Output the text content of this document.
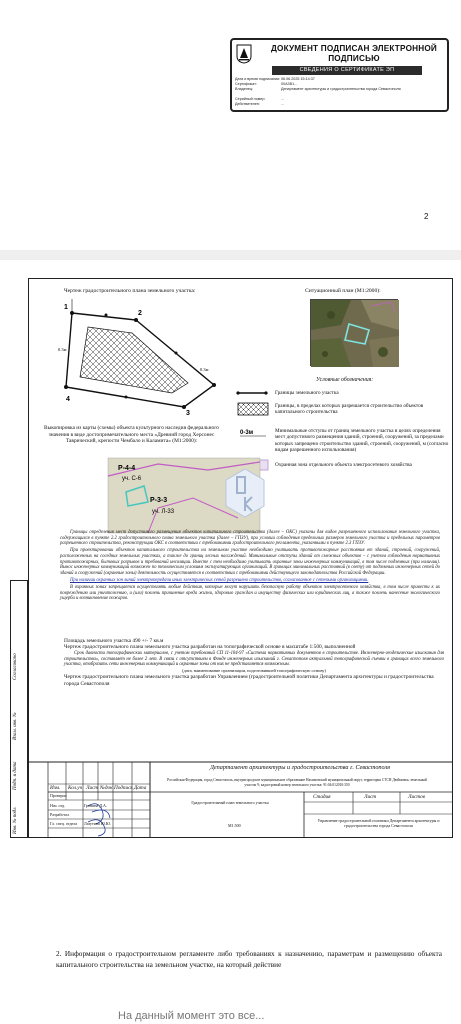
ДОКУМЕНТ ПОДПИСАН ЭЛЕКТРОННОЙ ПОДПИСЬЮ
СВЕДЕНИЯ О СЕРТИФИКАТЕ ЭП
Дата и время подписания:06.06.2025 15:14:37
Сертификат:	00A3B1...
Владелец:	Департамент архитектуры и градостроительства города Севастополя
Серийный номер:	...
Действителен:	...
2
Чертеж градостроительного плана земельного участка:	Ситуационный план (М1:2000):
1
2
3
4
0.3м
0.3м
Условные обозначения:
Границы земельного участка
Границы, в пределах которых разрешается строительство объектов капитального строительства
0-3м	Минимальные отступы от границ земельного участка в целях определения мест допустимого размещения зданий, строений, сооружений, за пределами которых запрещено строительство зданий, строений, сооружений, м (согласно видам разрешенного использования)
Охранная зона отдельного объекта электросетевого хозяйства
Выкопировка из карты (схемы) объекта культурного наследия федерального значения в виде достопримечательного места «Древний город Херсонес Таврический, крепости Чембало и Каламита» (М1:2000):
Р-4-4
уч. С-6
Р-3-3
уч. Л-33

Границы определения мест допустимого размещения объектов капитального строительства (далее – ОКС) указаны для видов разрешенного использования земельного участка, содержащихся в пункте 2.2 градостроительного плана земельного участка (далее – ГПЗУ), при условии соблюдения предельных размеров земельного участка и предельных параметров разрешенного строительства, реконструкции ОКС в соответствии с требованиями градостроительного регламента, указанными в пункте 2.3 ГПЗУ.

При проектировании объектов капитального строительства на земельном участке необходимо учитывать противопожарные расстояния от зданий, строений, сооружений, расположенных на соседних земельных участках, а также до границ лесных насаждений. Минимальные отступы зданий от смежных объектов – с учетом соблюдения нормативных противопожарных, бытовых разрывов и требований инсоляции. Вместе с тем необходимо учитывать охранные зоны инженерных коммуникаций, в том числе подземных (при наличии). Вынос инженерных коммуникаций возможен по техническим условиям эксплуатирующих организаций. В границах минимальных расстояний (в свету) от подземных инженерных сетей до зданий и сооружений (охранные зоны) деятельность осуществляется в соответствии с требованиями действующего законодательства Российской Федерации.

При наличии охранных зон линий электропередачи иных электрических сетей разрешено строительство, согласованное с сетевыми организациями.

В охранных зонах запрещается осуществлять любые действия, которые могут нарушить безопасную работу объектов электросетевого хозяйства, в том числе привести к их повреждению или уничтожению, и (или) повлечь причинение вреда жизни, здоровью граждан и имуществу физических или юридических лиц, а также повлечь нанесение экологического ущерба и возникновение пожаров.

Площадь земельного участка 490 +/- 7 кв.м
Чертеж градостроительного плана земельного участка разработан на топографической основе в масштабе 1:500, выполненной
Срок давности топографических материалов, с учетом требований СП 11-104-97 «Система нормативных документов в строительстве. Инженерно-геодезические изыскания для строительства», составляет не более 2 лет. В связи с отсутствием в Фонде инженерных изысканий г. Севастополя актуальной топографической съемки в границах всего земельного участка, отобразить сети инженерных коммуникаций и охранные зоны от них не представляется возможным.
(дата, наименование организации, подготовившей топографическую основу)
Чертеж градостроительного плана земельного участка разработан Управлением (градостроительной политики Департамента архитектуры и градостроительства города Севастополя
Согласовано
Взам. инв. №
Подп. и дата
Инв. № подл.
Департамент архитектуры и градостроительства г. Севастополя
Российская Федерация, город Севастополь, внутригородское муниципальное образование Нахимовский муниципальный округ, территория СТСН Дюймовка, земельный участок 9; кадастровый номер земельного участка: 91:04:012010:350
Изм. Кол.уч Лист №док Подпись Дата
Проверил
Нач. отд.
Разработал
Гл. спец. отдела
Гронина Д.А.
Лазутина Ю.Ю.
Стадия	Лист	Листов
Градостроительный план земельного участка
М1:500
Управление градостроительной политики Департамента архитектуры и градостроительства города Севастополя
2. Информация о градостроительном регламенте либо требованиях к назначению, параметрам и размещению объекта капитального строительства на земельном участке, на который действие
На данный момент это все...
